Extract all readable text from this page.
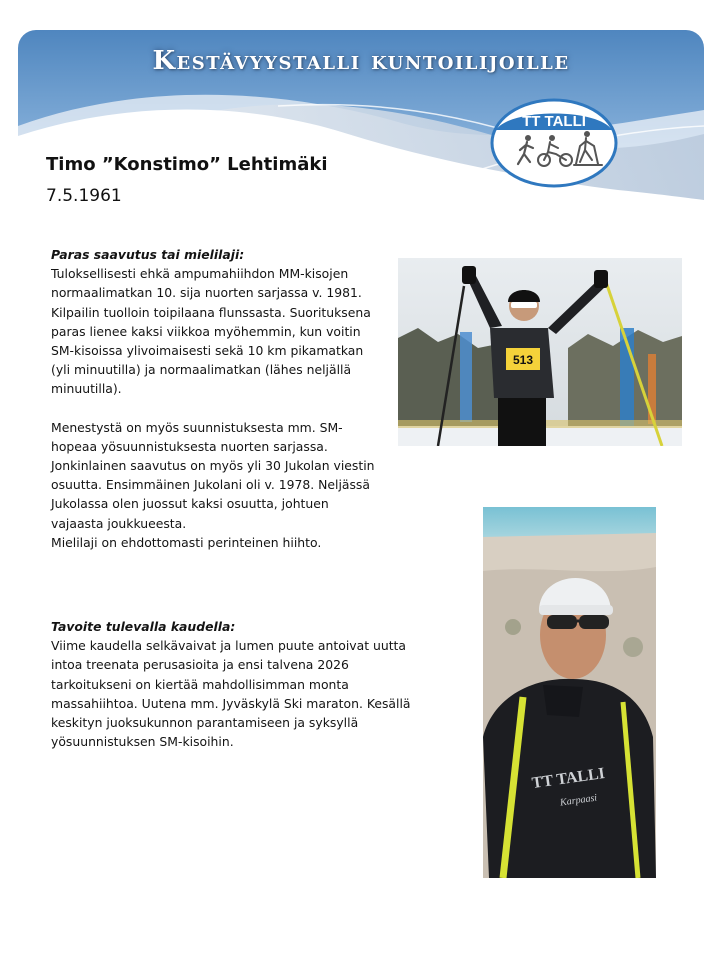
Kestävyystalli kuntoilijoille
TT TALLI
Timo ”Konstimo” Lehtimäki
7.5.1961

Paras saavutus tai mielilaji:

Tuloksellisesti ehkä ampumahiihdon MM-kisojen normaalimatkan 10. sija nuorten sarjassa v. 1981. Kilpailin tuolloin toipilaana flunssasta. Suorituksena paras lienee kaksi viikkoa myöhemmin, kun voitin SM-kisoissa ylivoimaisesti sekä 10 km pikamatkan (yli minuutilla) ja normaalimatkan (lähes neljällä minuutilla).

Menestystä on myös suunnistuksesta mm. SM-hopeaa yösuunnistuksesta nuorten sarjassa. Jonkinlainen saavutus on myös yli 30 Jukolan viestin osuutta. Ensimmäinen Jukolani oli v. 1978. Neljässä Jukolassa olen juossut kaksi osuutta, johtuen vajaasta joukkueesta.

Mielilaji on ehdottomasti perinteinen hiihto.

Tavoite tulevalla kaudella:

Viime kaudella selkävaivat ja lumen puute antoivat uutta intoa treenata perusasioita ja ensi talvena 2026 tarkoitukseni on kiertää mahdollisimman monta massahiihtoa. Uutena mm. Jyväskylä Ski maraton. Kesällä keskityn juoksukunnon parantamiseen ja syksyllä yösuunnistuksen SM-kisoihin.

513
TT TALLI
Karpaasi
